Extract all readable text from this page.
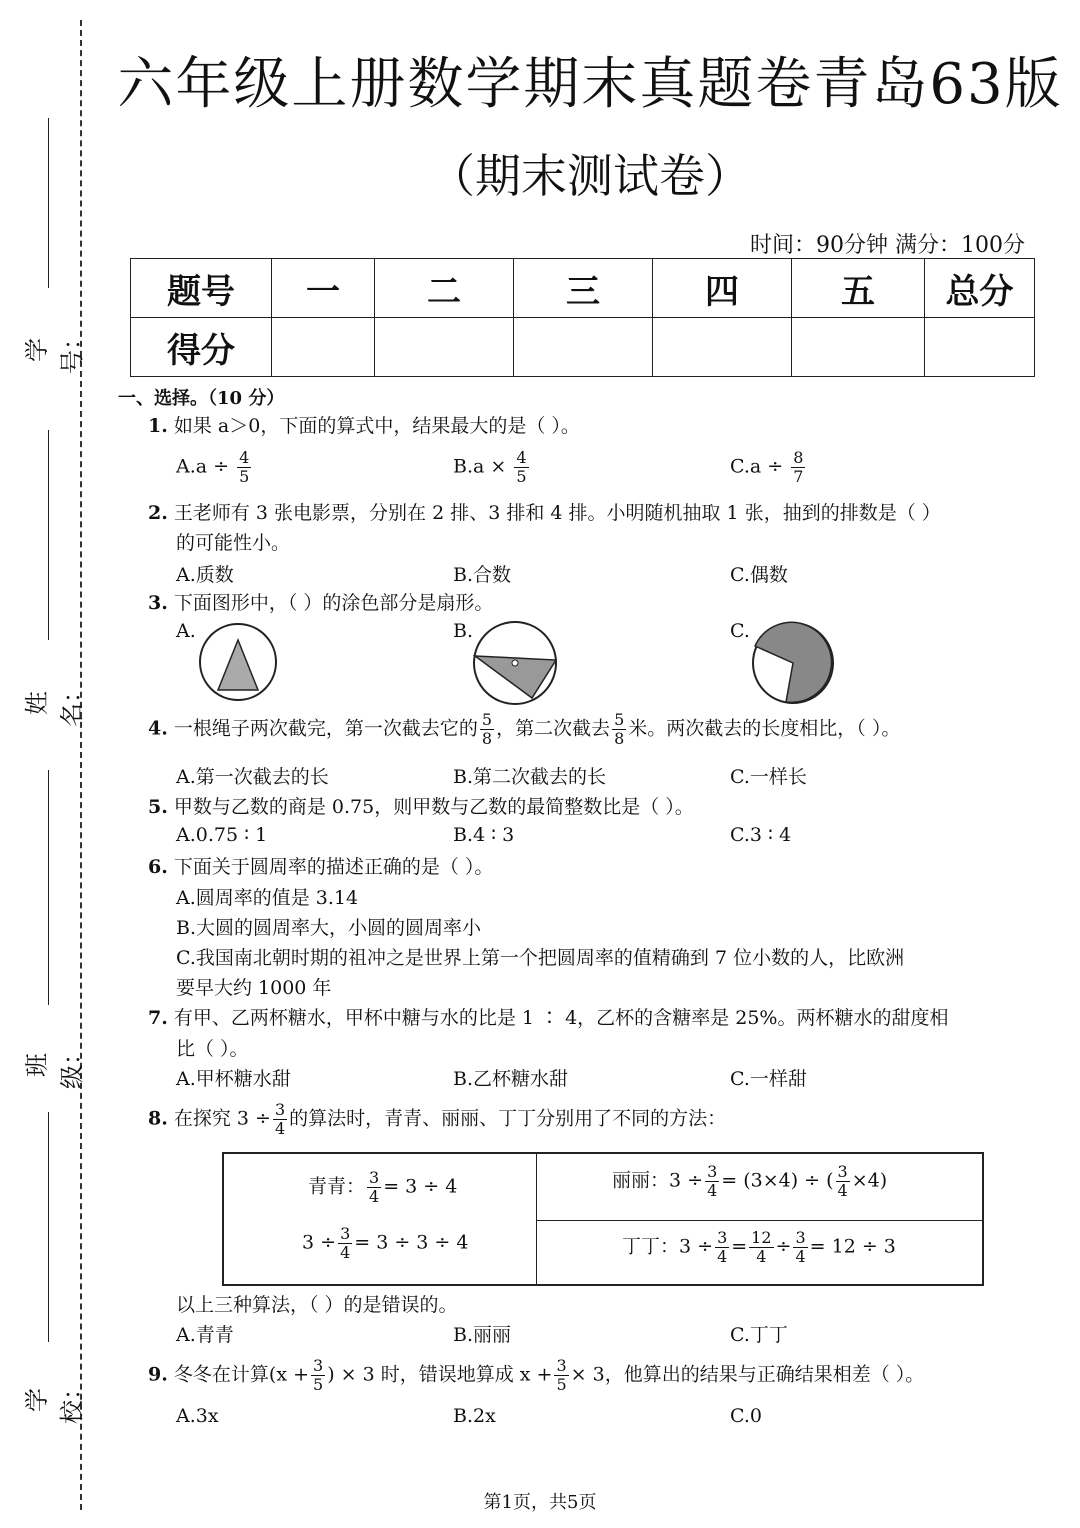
学号：
姓名：
班级：
学校：
六年级上册数学期末真题卷青岛63版
（期末测试卷）
时间：90分钟 满分：100分
题号	一	二	三	四	五	总分
得分						
一、选择。（10 分）
1. 如果 a＞0，下面的算式中，结果最大的是（ ）。
$A.a \div \frac{4}{5}$	$B.a \times \frac{4}{5}$	$C.a \div \frac{8}{7}$
2. 王老师有 3 张电影票，分别在 2 排、3 排和 4 排。小明随机抽取 1 张，抽到的排数是（ ）
的可能性小。
A.质数	B.合数	C.偶数
3. 下面图形中，（ ）的涂色部分是扇形。
A.	B.	C.
4. 一根绳子两次截完，第一次截去它的 $\frac{5}{8}$ ，第二次截去 $\frac{5}{8}$ 米。两次截去的长度相比，（ ）。
A.第一次截去的长	B.第二次截去的长	C.一样长
5. 甲数与乙数的商是 0.75，则甲数与乙数的最简整数比是（ ）。
A.0.75 ∶ 1	B.4 ∶ 3	C.3 ∶ 4
6. 下面关于圆周率的描述正确的是（ ）。
A.圆周率的值是 3.14
B.大圆的圆周率大，小圆的圆周率小
C.我国南北朝时期的祖冲之是世界上第一个把圆周率的值精确到 7 位小数的人，比欧洲
要早大约 1000 年
7. 有甲、乙两杯糖水，甲杯中糖与水的比是 1 ∶ 4，乙杯的含糖率是 25%。两杯糖水的甜度相
比（ ）。
A.甲杯糖水甜	B.乙杯糖水甜	C.一样甜
8. 在探究 $3 \div \frac{3}{4}$ 的算法时，青青、丽丽、丁丁分别用了不同的方法：
青青： $\frac{3}{4} = 3 \div 4$
$3 \div \frac{3}{4} = 3 \div 3 \div 4$
丽丽：$3 \div \frac{3}{4} = (3\times 4)$ ÷ ( $\frac{3}{4} \times 4$)
丁丁：$3 \div \frac{3}{4} = \frac{12}{4} \div \frac{3}{4} = 12 \div 3$
以上三种算法，（ ）的是错误的。
A.青青	B.丽丽	C.丁丁
9. 冬冬在计算($x + \frac{3}{5}$ ) × 3 时，错误地算成 $x + \frac{3}{5} \times 3$，他算出的结果与正确结果相差（ ）。
A.3x	B.2x	C.0
第1页，共5页
